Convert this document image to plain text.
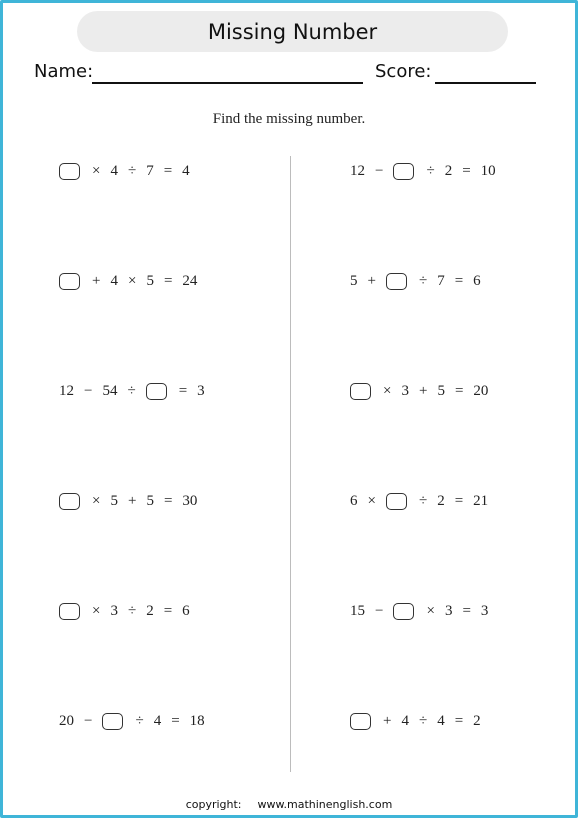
Missing Number
Name:	Score:
Find the missing number.
× 4 ÷ 7 = 4
+ 4 × 5 = 24
12 − 54 ÷	= 3
× 5 + 5 = 30
× 3 ÷ 2 = 6
20 −	÷ 4 = 18
12 −	÷ 2 = 10
5 +	÷ 7 = 6
× 3 + 5 = 20
6 ×	÷ 2 = 21
15 −	× 3 = 3
+ 4 ÷ 4 = 2
copyright: www.mathinenglish.com
